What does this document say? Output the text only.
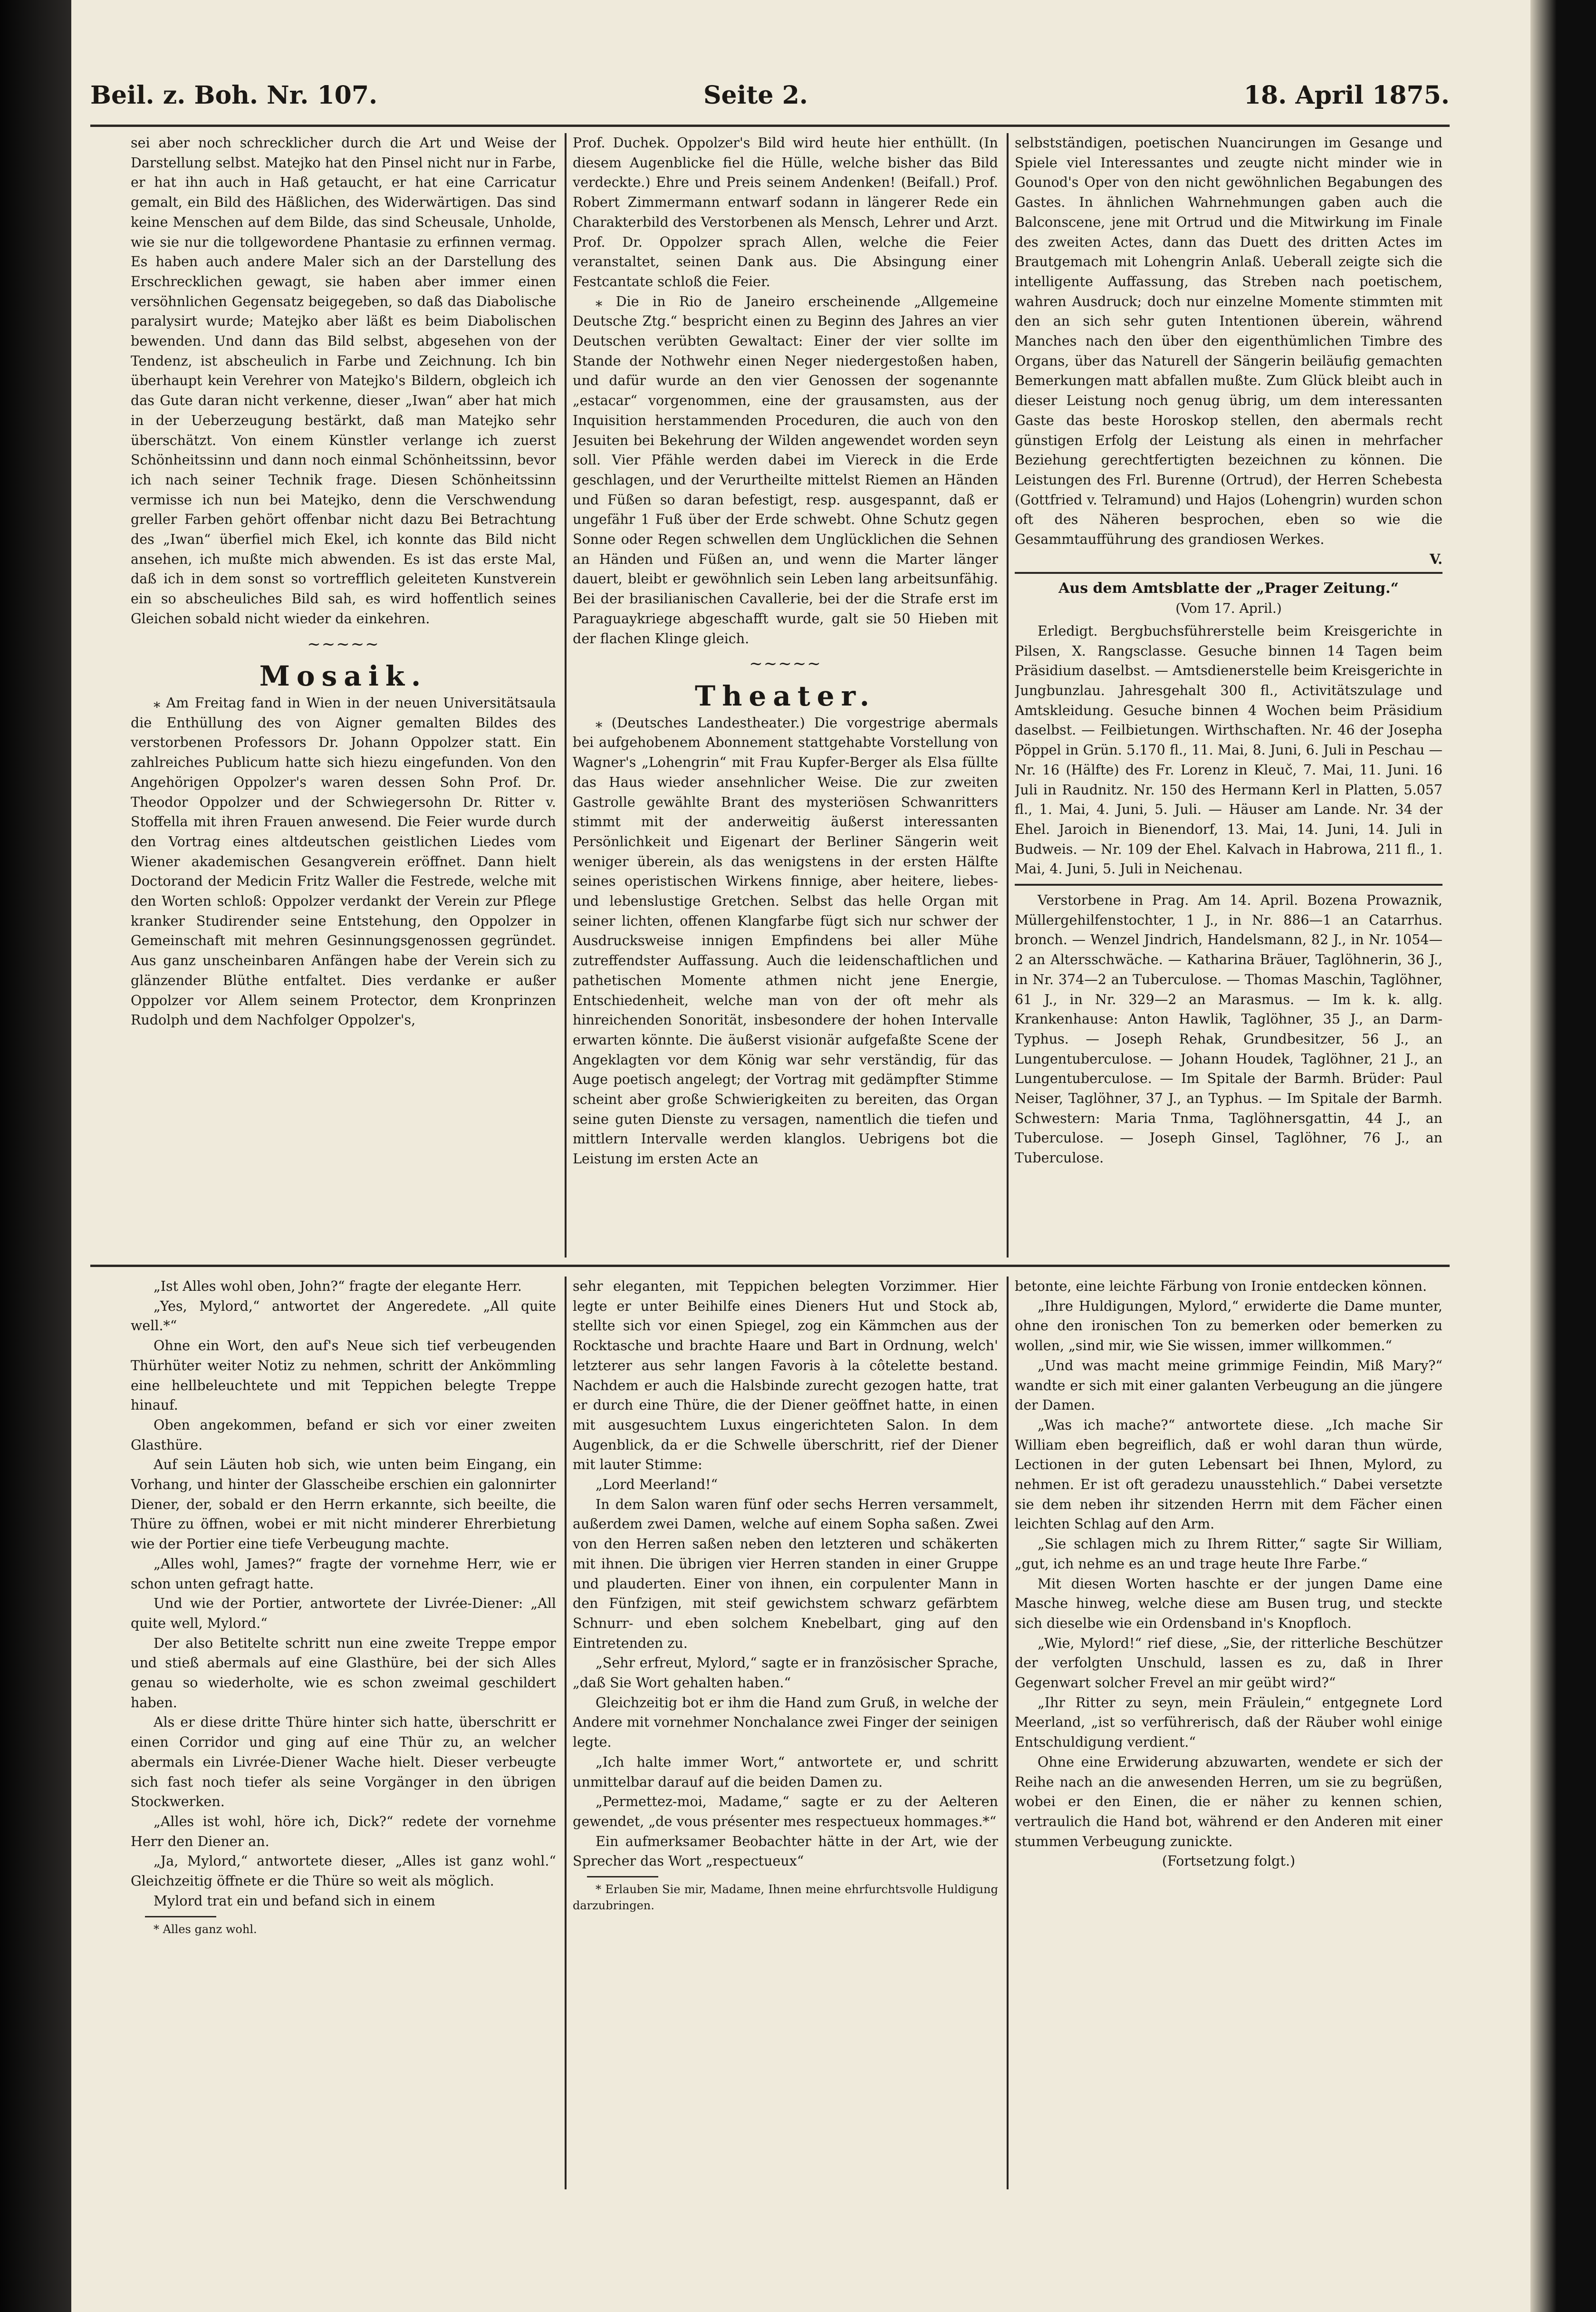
Beil. z. Boh. Nr. 107.	Seite 2.	18. April 1875.

sei aber noch schrecklicher durch die Art und Weise der Darstellung selbst. Matejko hat den Pinsel nicht nur in Farbe, er hat ihn auch in Haß getaucht, er hat eine Carricatur gemalt, ein Bild des Häßlichen, des Widerwärtigen. Das sind keine Menschen auf dem Bilde, das sind Scheusale, Unholde, wie sie nur die tollgewordene Phantasie zu erfinnen vermag. Es haben auch andere Maler sich an der Darstellung des Erschrecklichen gewagt, sie haben aber immer einen versöhnlichen Gegensatz beigegeben, so daß das Diabolische paralysirt wurde; Matejko aber läßt es beim Diabolischen bewenden. Und dann das Bild selbst, abgesehen von der Tendenz, ist abscheulich in Farbe und Zeichnung. Ich bin überhaupt kein Verehrer von Matejko's Bildern, obgleich ich das Gute daran nicht verkenne, dieser „Iwan“ aber hat mich in der Ueberzeugung bestärkt, daß man Matejko sehr überschätzt. Von einem Künstler verlange ich zuerst Schönheitssinn und dann noch einmal Schönheitssinn, bevor ich nach seiner Technik frage. Diesen Schönheitssinn vermisse ich nun bei Matejko, denn die Verschwendung greller Farben gehört offenbar nicht dazu Bei Betrachtung des „Iwan“ überfiel mich Ekel, ich konnte das Bild nicht ansehen, ich mußte mich abwenden. Es ist das erste Mal, daß ich in dem sonst so vortrefflich geleiteten Kunstverein ein so abscheuliches Bild sah, es wird hoffentlich seines Gleichen sobald nicht wieder da einkehren.

~~~~~
Mosaik.

⁎ Am Freitag fand in Wien in der neuen Universitätsaula die Enthüllung des von Aigner gemalten Bildes des verstorbenen Professors Dr. Johann Oppolzer statt. Ein zahlreiches Publicum hatte sich hiezu eingefunden. Von den Angehörigen Oppolzer's waren dessen Sohn Prof. Dr. Theodor Oppolzer und der Schwiegersohn Dr. Ritter v. Stoffella mit ihren Frauen anwesend. Die Feier wurde durch den Vortrag eines altdeutschen geistlichen Liedes vom Wiener akademischen Gesangverein eröffnet. Dann hielt Doctorand der Medicin Fritz Waller die Festrede, welche mit den Worten schloß: Oppolzer verdankt der Verein zur Pflege kranker Studirender seine Entstehung, den Oppolzer in Gemeinschaft mit mehren Gesinnungsgenossen gegründet. Aus ganz unscheinbaren Anfängen habe der Verein sich zu glänzender Blüthe entfaltet. Dies verdanke er außer Oppolzer vor Allem seinem Protector, dem Kronprinzen Rudolph und dem Nachfolger Oppolzer's,

Prof. Duchek. Oppolzer's Bild wird heute hier enthüllt. (In diesem Augenblicke fiel die Hülle, welche bisher das Bild verdeckte.) Ehre und Preis seinem Andenken! (Beifall.) Prof. Robert Zimmermann entwarf sodann in längerer Rede ein Charakterbild des Verstorbenen als Mensch, Lehrer und Arzt. Prof. Dr. Oppolzer sprach Allen, welche die Feier veranstaltet, seinen Dank aus. Die Absingung einer Festcantate schloß die Feier.

⁎ Die in Rio de Janeiro erscheinende „Allgemeine Deutsche Ztg.“ bespricht einen zu Beginn des Jahres an vier Deutschen verübten Gewaltact: Einer der vier sollte im Stande der Nothwehr einen Neger niedergestoßen haben, und dafür wurde an den vier Genossen der sogenannte „estacar“ vorgenommen, eine der grausamsten, aus der Inquisition herstammenden Proceduren, die auch von den Jesuiten bei Bekehrung der Wilden angewendet worden seyn soll. Vier Pfähle werden dabei im Viereck in die Erde geschlagen, und der Verurtheilte mittelst Riemen an Händen und Füßen so daran befestigt, resp. ausgespannt, daß er ungefähr 1 Fuß über der Erde schwebt. Ohne Schutz gegen Sonne oder Regen schwellen dem Unglücklichen die Sehnen an Händen und Füßen an, und wenn die Marter länger dauert, bleibt er gewöhnlich sein Leben lang arbeitsunfähig. Bei der brasilianischen Cavallerie, bei der die Strafe erst im Paraguaykriege abgeschafft wurde, galt sie 50 Hieben mit der flachen Klinge gleich.

~~~~~
Theater.

⁎ (Deutsches Landestheater.) Die vorgestrige abermals bei aufgehobenem Abonnement stattgehabte Vorstellung von Wagner's „Lohengrin“ mit Frau Kupfer-Berger als Elsa füllte das Haus wieder ansehnlicher Weise. Die zur zweiten Gastrolle gewählte Brant des mysteriösen Schwanritters stimmt mit der anderweitig äußerst interessanten Persönlichkeit und Eigenart der Berliner Sängerin weit weniger überein, als das wenigstens in der ersten Hälfte seines operistischen Wirkens finnige, aber heitere, liebes- und lebenslustige Gretchen. Selbst das helle Organ mit seiner lichten, offenen Klangfarbe fügt sich nur schwer der Ausdrucksweise innigen Empfindens bei aller Mühe zutreffendster Auffassung. Auch die leidenschaftlichen und pathetischen Momente athmen nicht jene Energie, Entschiedenheit, welche man von der oft mehr als hinreichenden Sonorität, insbesondere der hohen Intervalle erwarten könnte. Die äußerst visionär aufgefaßte Scene der Angeklagten vor dem König war sehr verständig, für das Auge poetisch angelegt; der Vortrag mit gedämpfter Stimme scheint aber große Schwierigkeiten zu bereiten, das Organ seine guten Dienste zu versagen, namentlich die tiefen und mittlern Intervalle werden klanglos. Uebrigens bot die Leistung im ersten Acte an

selbstständigen, poetischen Nuancirungen im Gesange und Spiele viel Interessantes und zeugte nicht minder wie in Gounod's Oper von den nicht gewöhnlichen Begabungen des Gastes. In ähnlichen Wahrnehmungen gaben auch die Balconscene, jene mit Ortrud und die Mitwirkung im Finale des zweiten Actes, dann das Duett des dritten Actes im Brautgemach mit Lohengrin Anlaß. Ueberall zeigte sich die intelligente Auffassung, das Streben nach poetischem, wahren Ausdruck; doch nur einzelne Momente stimmten mit den an sich sehr guten Intentionen überein, während Manches nach den über den eigenthümlichen Timbre des Organs, über das Naturell der Sängerin beiläufig gemachten Bemerkungen matt abfallen mußte. Zum Glück bleibt auch in dieser Leistung noch genug übrig, um dem interessanten Gaste das beste Horoskop stellen, den abermals recht günstigen Erfolg der Leistung als einen in mehrfacher Beziehung gerechtfertigten bezeichnen zu können. Die Leistungen des Frl. Burenne (Ortrud), der Herren Schebesta (Gottfried v. Telramund) und Hajos (Lohengrin) wurden schon oft des Näheren besprochen, eben so wie die Gesammtaufführung des grandiosen Werkes.

V.
Aus dem Amtsblatte der „Prager Zeitung.“
(Vom 17. April.)

Erledigt. Bergbuchsführerstelle beim Kreisgerichte in Pilsen, X. Rangsclasse. Gesuche binnen 14 Tagen beim Präsidium daselbst. — Amtsdienerstelle beim Kreisgerichte in Jungbunzlau. Jahresgehalt 300 fl., Activitätszulage und Amtskleidung. Gesuche binnen 4 Wochen beim Präsidium daselbst. — Feilbietungen. Wirthschaften. Nr. 46 der Josepha Pöppel in Grün. 5.170 fl., 11. Mai, 8. Juni, 6. Juli in Peschau — Nr. 16 (Hälfte) des Fr. Lorenz in Kleuč, 7. Mai, 11. Juni. 16 Juli in Raudnitz. Nr. 150 des Hermann Kerl in Platten, 5.057 fl., 1. Mai, 4. Juni, 5. Juli. — Häuser am Lande. Nr. 34 der Ehel. Jaroich in Bienendorf, 13. Mai, 14. Juni, 14. Juli in Budweis. — Nr. 109 der Ehel. Kalvach in Habrowa, 211 fl., 1. Mai, 4. Juni, 5. Juli in Neichenau.

Verstorbene in Prag. Am 14. April. Bozena Prowaznik, Müllergehilfenstochter, 1 J., in Nr. 886—1 an Catarrhus. bronch. — Wenzel Jindrich, Handelsmann, 82 J., in Nr. 1054—2 an Altersschwäche. — Katharina Bräuer, Taglöhnerin, 36 J., in Nr. 374—2 an Tuberculose. — Thomas Maschin, Taglöhner, 61 J., in Nr. 329—2 an Marasmus. — Im k. k. allg. Krankenhause: Anton Hawlik, Taglöhner, 35 J., an Darm-Typhus. — Joseph Rehak, Grundbesitzer, 56 J., an Lungentuberculose. — Johann Houdek, Taglöhner, 21 J., an Lungentuberculose. — Im Spitale der Barmh. Brüder: Paul Neiser, Taglöhner, 37 J., an Typhus. — Im Spitale der Barmh. Schwestern: Maria Tnma, Taglöhnersgattin, 44 J., an Tuberculose. — Joseph Ginsel, Taglöhner, 76 J., an Tuberculose.

„Ist Alles wohl oben, John?“ fragte der elegante Herr.

„Yes, Mylord,“ antwortet der Angeredete. „All quite well.*“

Ohne ein Wort, den auf's Neue sich tief verbeugenden Thürhüter weiter Notiz zu nehmen, schritt der Ankömmling eine hellbeleuchtete und mit Teppichen belegte Treppe hinauf.

Oben angekommen, befand er sich vor einer zweiten Glasthüre.

Auf sein Läuten hob sich, wie unten beim Eingang, ein Vorhang, und hinter der Glasscheibe erschien ein galonnirter Diener, der, sobald er den Herrn erkannte, sich beeilte, die Thüre zu öffnen, wobei er mit nicht minderer Ehrerbietung wie der Portier eine tiefe Verbeugung machte.

„Alles wohl, James?“ fragte der vornehme Herr, wie er schon unten gefragt hatte.

Und wie der Portier, antwortete der Livrée-Diener: „All quite well, Mylord.“

Der also Betitelte schritt nun eine zweite Treppe empor und stieß abermals auf eine Glasthüre, bei der sich Alles genau so wiederholte, wie es schon zweimal geschildert haben.

Als er diese dritte Thüre hinter sich hatte, überschritt er einen Corridor und ging auf eine Thür zu, an welcher abermals ein Livrée-Diener Wache hielt. Dieser verbeugte sich fast noch tiefer als seine Vorgänger in den übrigen Stockwerken.

„Alles ist wohl, höre ich, Dick?“ redete der vornehme Herr den Diener an.

„Ja, Mylord,“ antwortete dieser, „Alles ist ganz wohl.“ Gleichzeitig öffnete er die Thüre so weit als möglich.

Mylord trat ein und befand sich in einem

* Alles ganz wohl.

sehr eleganten, mit Teppichen belegten Vorzimmer. Hier legte er unter Beihilfe eines Dieners Hut und Stock ab, stellte sich vor einen Spiegel, zog ein Kämmchen aus der Rocktasche und brachte Haare und Bart in Ordnung, welch' letzterer aus sehr langen Favoris à la côtelette bestand. Nachdem er auch die Halsbinde zurecht gezogen hatte, trat er durch eine Thüre, die der Diener geöffnet hatte, in einen mit ausgesuchtem Luxus eingerichteten Salon. In dem Augenblick, da er die Schwelle überschritt, rief der Diener mit lauter Stimme:

„Lord Meerland!“

In dem Salon waren fünf oder sechs Herren versammelt, außerdem zwei Damen, welche auf einem Sopha saßen. Zwei von den Herren saßen neben den letzteren und schäkerten mit ihnen. Die übrigen vier Herren standen in einer Gruppe und plauderten. Einer von ihnen, ein corpulenter Mann in den Fünfzigen, mit steif gewichstem schwarz gefärbtem Schnurr- und eben solchem Knebelbart, ging auf den Eintretenden zu.

„Sehr erfreut, Mylord,“ sagte er in französischer Sprache, „daß Sie Wort gehalten haben.“

Gleichzeitig bot er ihm die Hand zum Gruß, in welche der Andere mit vornehmer Nonchalance zwei Finger der seinigen legte.

„Ich halte immer Wort,“ antwortete er, und schritt unmittelbar darauf auf die beiden Damen zu.

„Permettez-moi, Madame,“ sagte er zu der Aelteren gewendet, „de vous présenter mes respectueux hommages.*“

Ein aufmerksamer Beobachter hätte in der Art, wie der Sprecher das Wort „respectueux“

* Erlauben Sie mir, Madame, Ihnen meine ehrfurchtsvolle Huldigung darzubringen.

betonte, eine leichte Färbung von Ironie entdecken können.

„Ihre Huldigungen, Mylord,“ erwiderte die Dame munter, ohne den ironischen Ton zu bemerken oder bemerken zu wollen, „sind mir, wie Sie wissen, immer willkommen.“

„Und was macht meine grimmige Feindin, Miß Mary?“ wandte er sich mit einer galanten Verbeugung an die jüngere der Damen.

„Was ich mache?“ antwortete diese. „Ich mache Sir William eben begreiflich, daß er wohl daran thun würde, Lectionen in der guten Lebensart bei Ihnen, Mylord, zu nehmen. Er ist oft geradezu unausstehlich.“ Dabei versetzte sie dem neben ihr sitzenden Herrn mit dem Fächer einen leichten Schlag auf den Arm.

„Sie schlagen mich zu Ihrem Ritter,“ sagte Sir William, „gut, ich nehme es an und trage heute Ihre Farbe.“

Mit diesen Worten haschte er der jungen Dame eine Masche hinweg, welche diese am Busen trug, und steckte sich dieselbe wie ein Ordensband in's Knopfloch.

„Wie, Mylord!“ rief diese, „Sie, der ritterliche Beschützer der verfolgten Unschuld, lassen es zu, daß in Ihrer Gegenwart solcher Frevel an mir geübt wird?“

„Ihr Ritter zu seyn, mein Fräulein,“ entgegnete Lord Meerland, „ist so verführerisch, daß der Räuber wohl einige Entschuldigung verdient.“

Ohne eine Erwiderung abzuwarten, wendete er sich der Reihe nach an die anwesenden Herren, um sie zu begrüßen, wobei er den Einen, die er näher zu kennen schien, vertraulich die Hand bot, während er den Anderen mit einer stummen Verbeugung zunickte.

(Fortsetzung folgt.)
